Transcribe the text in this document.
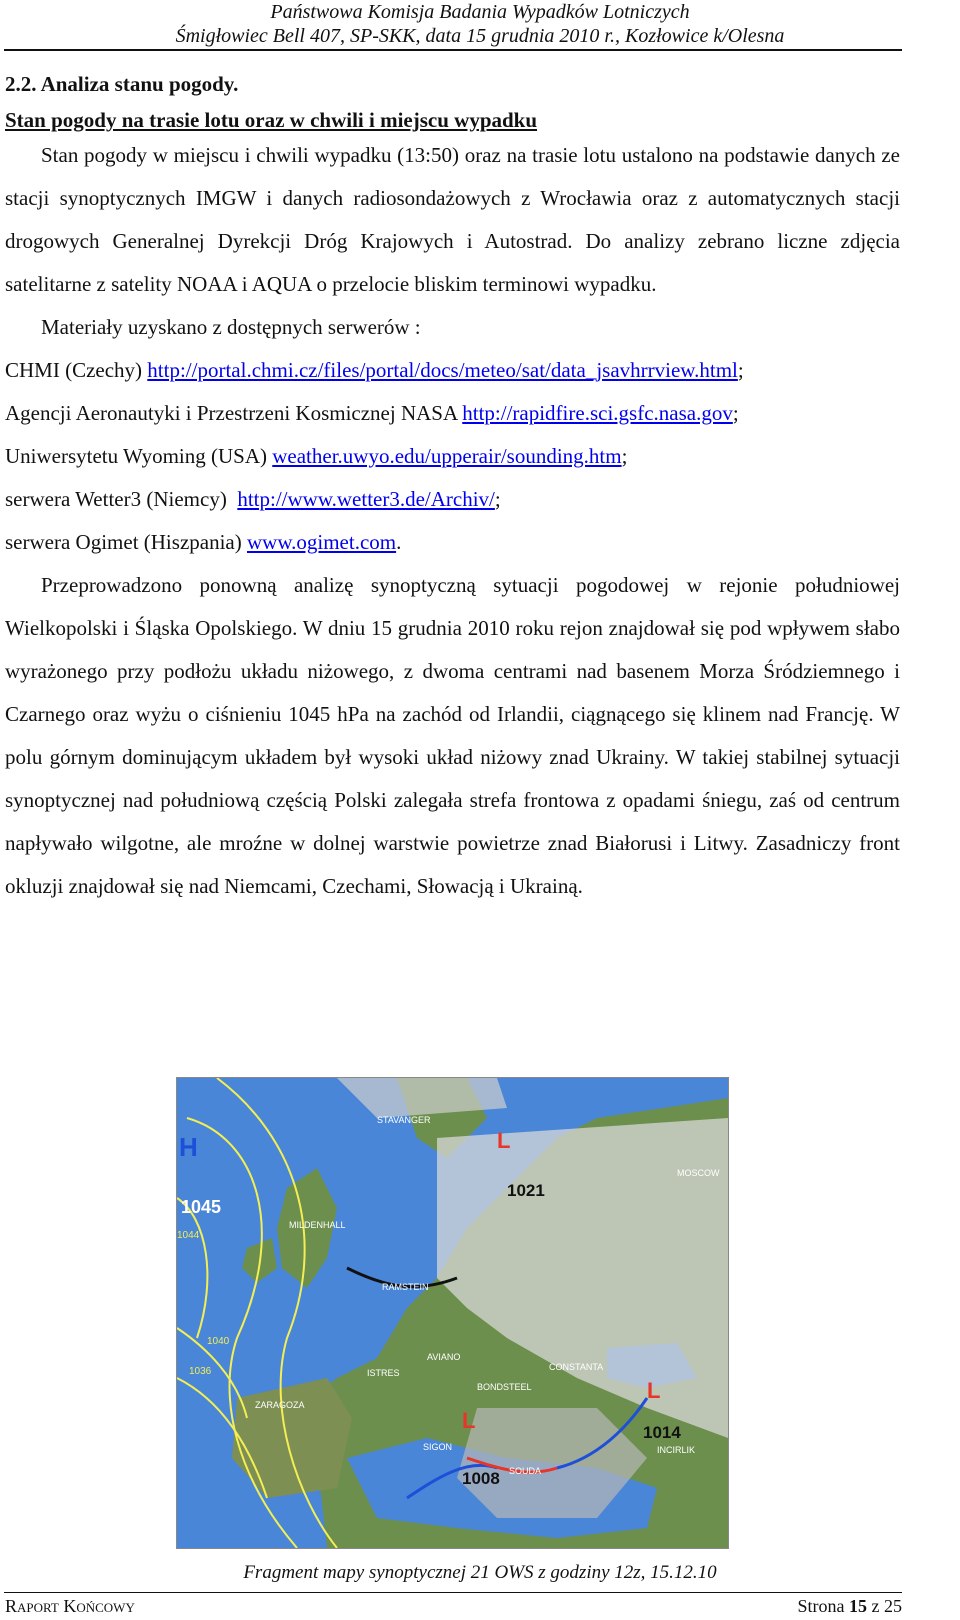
Państwowa Komisja Badania Wypadków Lotniczych
Śmigłowiec Bell 407, SP-SKK, data 15 grudnia 2010 r., Kozłowice k/Olesna
2.2. Analiza stanu pogody.
Stan pogody na trasie lotu oraz w chwili i miejscu wypadku

Stan pogody w miejscu i chwili wypadku (13:50) oraz na trasie lotu ustalono na podstawie danych ze stacji synoptycznych IMGW i danych radiosondażowych z Wrocławia oraz z automatycznych stacji drogowych Generalnej Dyrekcji Dróg Krajowych i Autostrad. Do analizy zebrano liczne zdjęcia satelitarne z satelity NOAA i AQUA o przelocie bliskim terminowi wypadku.

Materiały uzyskano z dostępnych serwerów :

CHMI (Czechy) http://portal.chmi.cz/files/portal/docs/meteo/sat/data_jsavhrrview.html;

Agencji Aeronautyki i Przestrzeni Kosmicznej NASA http://rapidfire.sci.gsfc.nasa.gov;

Uniwersytetu Wyoming (USA) weather.uwyo.edu/upperair/sounding.htm;

serwera Wetter3 (Niemcy)  http://www.wetter3.de/Archiv/;

serwera Ogimet (Hiszpania) www.ogimet.com.

Przeprowadzono ponowną analizę synoptyczną sytuacji pogodowej w rejonie południowej Wielkopolski i Śląska Opolskiego. W dniu 15 grudnia 2010 roku rejon znajdował się pod wpływem słabo wyrażonego przy podłożu układu niżowego, z dwoma centrami nad basenem Morza Śródziemnego i Czarnego oraz wyżu o ciśnieniu 1045 hPa na zachód od Irlandii, ciągnącego się klinem nad Francję. W polu górnym dominującym układem był wysoki układ niżowy znad Ukrainy. W takiej stabilnej sytuacji synoptycznej nad południową częścią Polski zalegała strefa frontowa z opadami śniegu, zaś od centrum napływało wilgotne, ale mroźne w dolnej warstwie powietrze znad Białorusi i Litwy. Zasadniczy front okluzji znajdował się nad Niemcami, Czechami, Słowacją i Ukrainą.

H
1045
L
1021
L
1014
L
1008
1040
1036
1044
STAVANGER
MOSCOW
MILDENHALL
RAMSTEIN
ISTRES
AVIANO
CONSTANTA
ZARAGOZA
BONDSTEEL
SIGON
SOUDA
INCIRLIK
Fragment mapy synoptycznej 21 OWS z godziny 12z, 15.12.10
Raport Końcowy	Strona 15 z 25
